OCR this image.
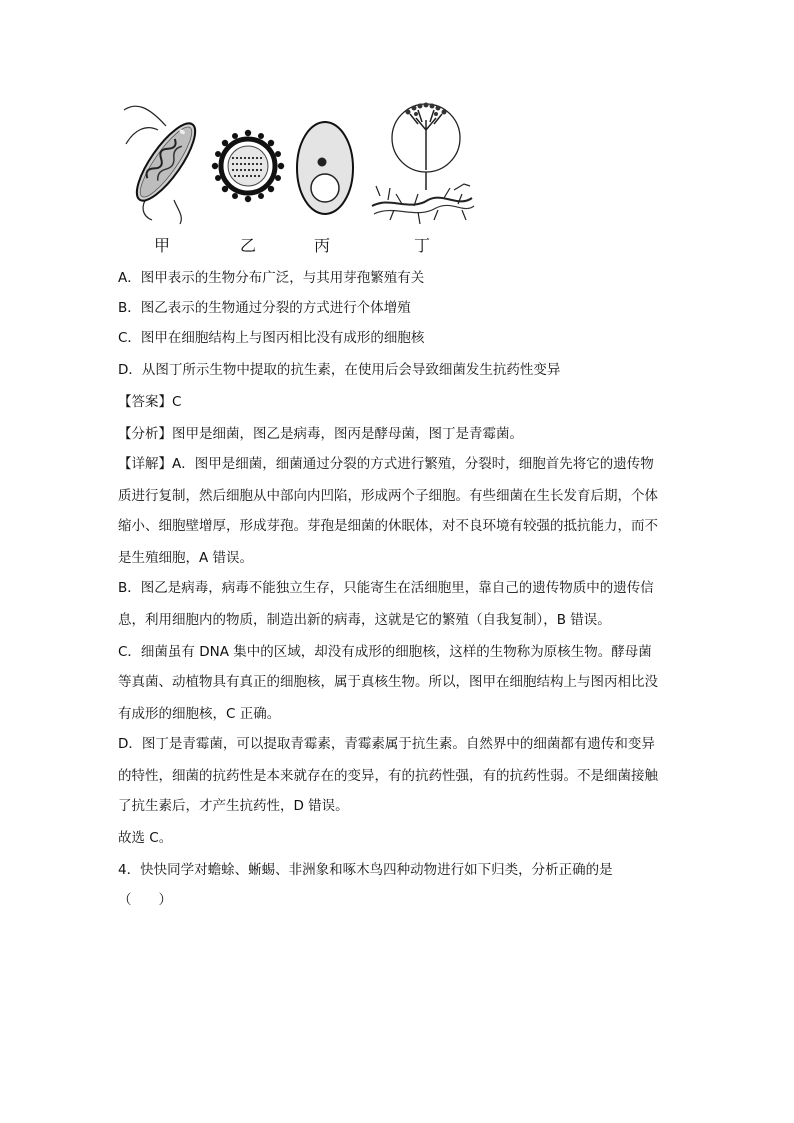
甲	乙	丙	丁
A．图甲表示的生物分布广泛，与其用芽孢繁殖有关
B．图乙表示的生物通过分裂的方式进行个体增殖
C．图甲在细胞结构上与图丙相比没有成形的细胞核
D．从图丁所示生物中提取的抗生素，在使用后会导致细菌发生抗药性变异
【答案】C
【分析】图甲是细菌，图乙是病毒，图丙是酵母菌，图丁是青霉菌。
【详解】A．图甲是细菌，细菌通过分裂的方式进行繁殖，分裂时，细胞首先将它的遗传物
质进行复制，然后细胞从中部向内凹陷，形成两个子细胞。有些细菌在生长发育后期，个体
缩小、细胞壁增厚，形成芽孢。芽孢是细菌的休眠体，对不良环境有较强的抵抗能力，而不
是生殖细胞，A 错误。
B．图乙是病毒，病毒不能独立生存，只能寄生在活细胞里，靠自己的遗传物质中的遗传信
息，利用细胞内的物质，制造出新的病毒，这就是它的繁殖（自我复制），B 错误。
C．细菌虽有 DNA 集中的区域，却没有成形的细胞核，这样的生物称为原核生物。酵母菌
等真菌、动植物具有真正的细胞核，属于真核生物。所以，图甲在细胞结构上与图丙相比没
有成形的细胞核，C 正确。
D．图丁是青霉菌，可以提取青霉素，青霉素属于抗生素。自然界中的细菌都有遗传和变异
的特性，细菌的抗药性是本来就存在的变异，有的抗药性强，有的抗药性弱。不是细菌接触
了抗生素后，才产生抗药性，D 错误。
故选 C。
4．快快同学对蟾蜍、蜥蜴、非洲象和啄木鸟四种动物进行如下归类，分析正确的是
（　　）
